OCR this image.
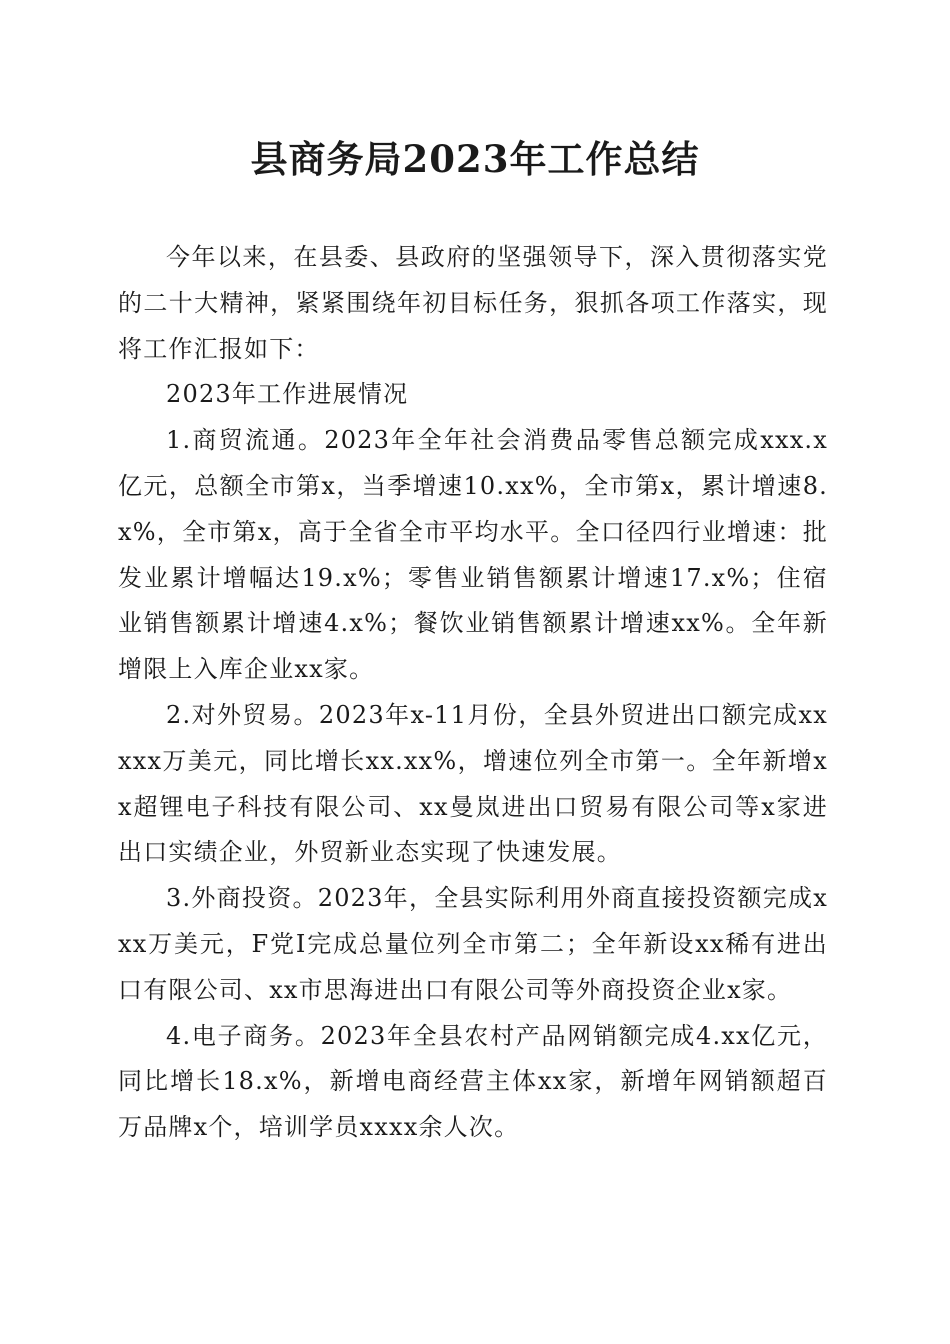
县商务局2023年工作总结

今年以来，在县委、县政府的坚强领导下，深入贯彻落实党的二十大精神，紧紧围绕年初目标任务，狠抓各项工作落实，现将工作汇报如下：

2023年工作进展情况

1.商贸流通。2023年全年社会消费品零售总额完成xxx.x亿元，总额全市第x，当季增速10.xx%，全市第x，累计增速8.x%，全市第x，高于全省全市平均水平。全口径四行业增速：批发业累计增幅达19.x%；零售业销售额累计增速17.x%；住宿业销售额累计增速4.x%；餐饮业销售额累计增速xx%。全年新增限上入库企业xx家。

2.对外贸易。2023年x-11月份，全县外贸进出口额完成xxxxx万美元，同比增长xx.xx%，增速位列全市第一。全年新增xx超锂电子科技有限公司、xx曼岚进出口贸易有限公司等x家进出口实绩企业，外贸新业态实现了快速发展。

3.外商投资。2023年，全县实际利用外商直接投资额完成xxx万美元，F党I完成总量位列全市第二；全年新设xx稀有进出口有限公司、xx市思海进出口有限公司等外商投资企业x家。

4.电子商务。2023年全县农村产品网销额完成4.xx亿元，同比增长18.x%，新增电商经营主体xx家，新增年网销额超百万品牌x个，培训学员xxxx余人次。
